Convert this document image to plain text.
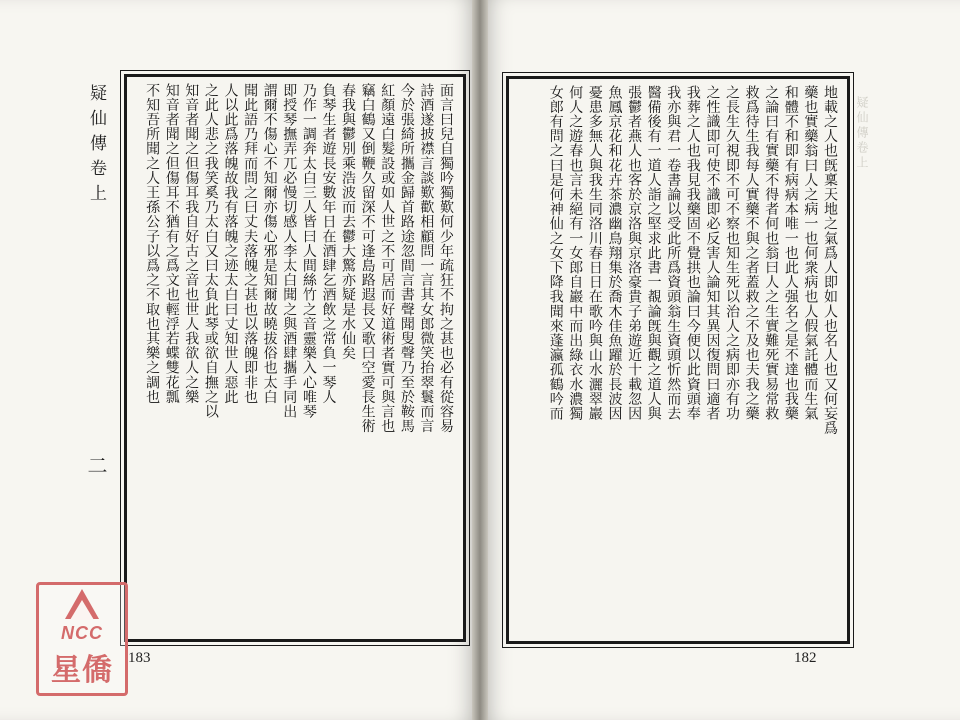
疑仙傳卷上
二
面言曰兒自獨吟獨歎何少年疏狂不拘之甚也必有從容易
詩酒遂披襟言談歎歡相顧問一言其女郎微笑抬翠鬟而言
今於張綺所攜金歸首路途忽間言書聲聞叟聲乃至於鞍馬
紅顏遠白髮設或如人世之不可居而好道術者實可與言也
竊白鶴又倒鞭久留深不可逢島路遐長又歌曰空愛長生術
春我與鬱別乘浩波而去鬱大驚亦疑是水仙矣
負琴生者遊長安數年日在酒肆乞酒飲之常負一琴人
乃作一調奔太白三人皆曰人間絲竹之音靈樂入心唯琴
即授琴撫弄兀必慢切感人李太白聞之與酒肆攜手同出
謂爾不傷心不知爾亦傷心邪是知爾故曉拔俗也太白
聞此語乃拜而問之曰丈夫落魄之甚也以落魄即非也
人以此爲落魄故我有落魄之迹太白曰丈知世人惡此
之此人悲之我笑奚乃太白又曰太負此琴或欲自撫之以
知音者聞之但傷耳我自好古之音也世人我欲人之樂
知音者聞之但傷耳不猶有之爲文也輕浮若蝶雙花瓢
不知吾所聞之人王孫公子以爲之不取也其樂之調也	地載之人也旣稟天地之氣爲人即如人也名人也又何妄爲
藥也實藥翁曰人之病一也何衆病也人假氣託體而生氣
和體不和即有病病本唯一也此人强名之是不達也我藥
之論曰有實藥不得者何也翁曰人之生實難死實易常救
救爲待生我每人實藥不與之者蓋救之不及也夫我之藥
之長生久視即不可不察也知生死以治人之病即亦有功
之性識即可使不識即必反害人論知其異因復問曰適者
我葬之人也我見我藥固不覺拱也論曰今便以此資頭奉
我亦與君一卷書論以受此所爲資頭翁生資頭忻然而去
醫備後有一道人詣之堅求此書一覩論旣與觀之道人與
張鬱者燕人也客於京洛與京洛豪貴子弟遊近十載忽因
魚鳳京花和花卉茶濃幽鳥翔集於喬木佳魚躍於長波因
憂患多無人與我生同洛川春日日在歌吟與山水灑翠巖
何人之遊春也言未絕有一女郎自巖中而出綠衣水濃獨
女郎有問之曰是何神仙之女下降我聞來蓬瀛孤鶴吟而	疑仙傳卷上
183	182
NCC
星僑
